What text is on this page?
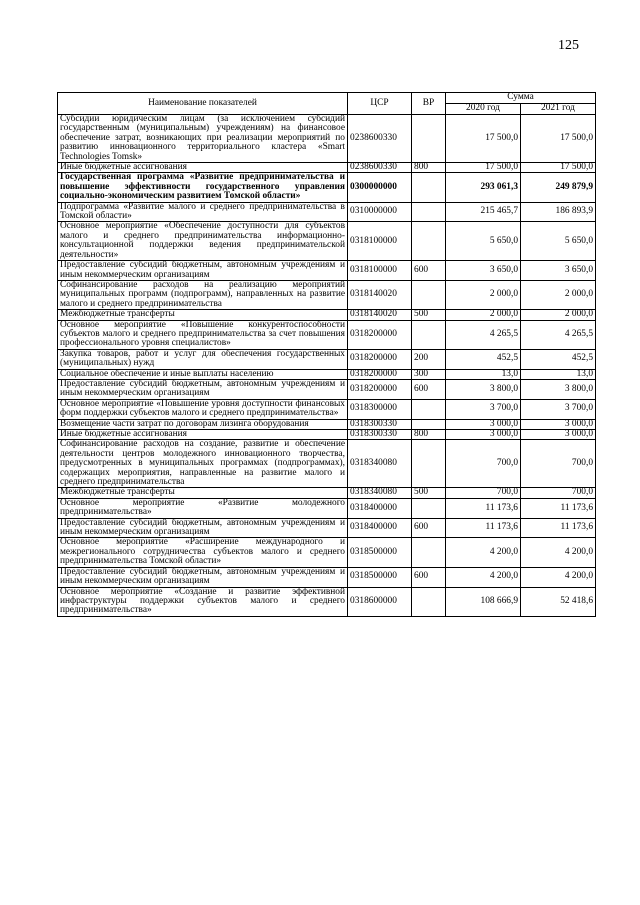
125
Наименование показателей	ЦСР	ВР	Сумма	
			2020 год	2021 год
Субсидии юридическим лицам (за исключением субсидий государственным (муниципальным) учреждениям) на финансовое обеспечение затрат, возникающих при реализации мероприятий по развитию инновационного территориального кластера «Smart Technologies Tomsk»	0238600330		17 500,0	17 500,0
Иные бюджетные ассигнования	0238600330	800	17 500,0	17 500,0
Государственная программа «Развитие предпринимательства и повышение эффективности государственного управления социально-экономическим развитием Томской области»	0300000000		293 061,3	249 879,9
Подпрограмма «Развитие малого и среднего предпринимательства в Томской области»	0310000000		215 465,7	186 893,9
Основное мероприятие «Обеспечение доступности для субъектов малого и среднего предпринимательства информационно-консультационной поддержки ведения предпринимательской деятельности»	0318100000		5 650,0	5 650,0
Предоставление субсидий бюджетным, автономным учреждениям и иным некоммерческим организациям	0318100000	600	3 650,0	3 650,0
Софинансирование расходов на реализацию мероприятий муниципальных программ (подпрограмм), направленных на развитие малого и среднего предпринимательства	0318140020		2 000,0	2 000,0
Межбюджетные трансферты	0318140020	500	2 000,0	2 000,0
Основное мероприятие «Повышение конкурентоспособности субъектов малого и среднего предпринимательства за счет повышения профессионального уровня специалистов»	0318200000		4 265,5	4 265,5
Закупка товаров, работ и услуг для обеспечения государственных (муниципальных) нужд	0318200000	200	452,5	452,5
Социальное обеспечение и иные выплаты населению	0318200000	300	13,0	13,0
Предоставление субсидий бюджетным, автономным учреждениям и иным некоммерческим организациям	0318200000	600	3 800,0	3 800,0
Основное мероприятие «Повышение уровня доступности финансовых форм поддержки субъектов малого и среднего предпринимательства»	0318300000		3 700,0	3 700,0
Возмещение части затрат по договорам лизинга оборудования	0318300330		3 000,0	3 000,0
Иные бюджетные ассигнования	0318300330	800	3 000,0	3 000,0
Софинансирование расходов на создание, развитие и обеспечение деятельности центров молодежного инновационного творчества, предусмотренных в муниципальных программах (подпрограммах), содержащих мероприятия, направленные на развитие малого и среднего предпринимательства	0318340080		700,0	700,0
Межбюджетные трансферты	0318340080	500	700,0	700,0
Основное мероприятие «Развитие молодежного предпринимательства»	0318400000		11 173,6	11 173,6
Предоставление субсидий бюджетным, автономным учреждениям и иным некоммерческим организациям	0318400000	600	11 173,6	11 173,6
Основное мероприятие «Расширение международного и межрегионального сотрудничества субъектов малого и среднего предпринимательства Томской области»	0318500000		4 200,0	4 200,0
Предоставление субсидий бюджетным, автономным учреждениям и иным некоммерческим организациям	0318500000	600	4 200,0	4 200,0
Основное мероприятие «Создание и развитие эффективной инфраструктуры поддержки субъектов малого и среднего предпринимательства»	0318600000		108 666,9	52 418,6
